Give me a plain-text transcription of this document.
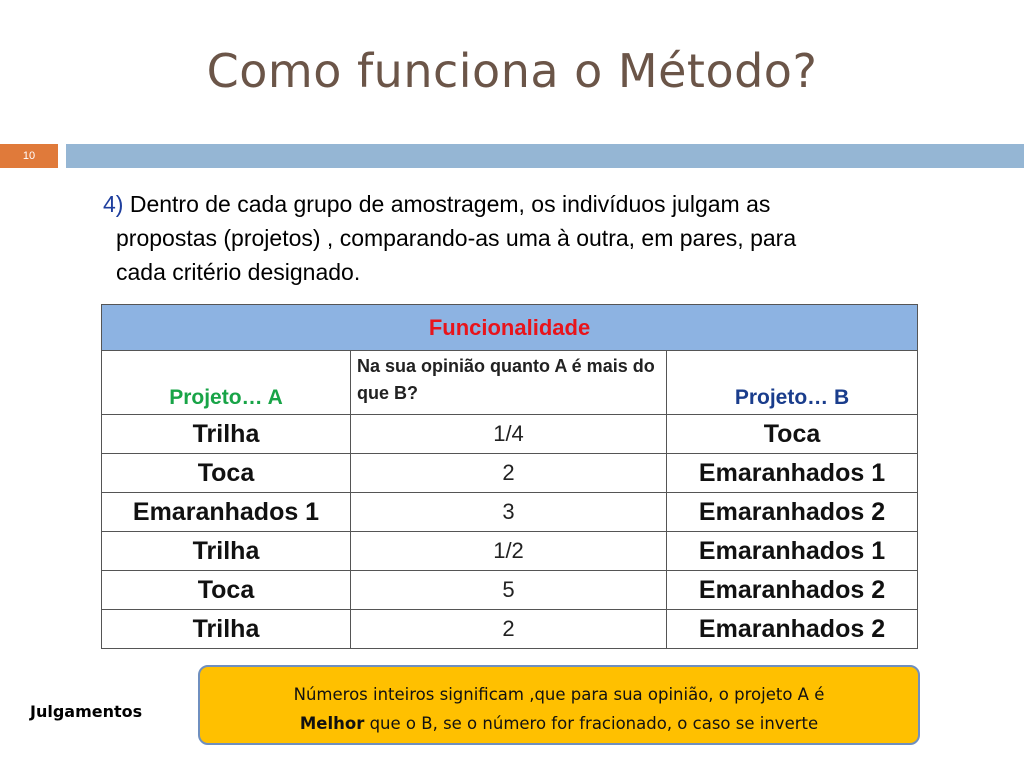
Como funciona o Método?
10
4) Dentro de cada grupo de amostragem, os indivíduos julgam as
propostas (projetos) , comparando-as uma à outra, em pares, para
cada critério designado.
Funcionalidade		
Projeto… A	Na sua opinião quanto A é mais do que B?	Projeto… B
Trilha	1/4	Toca
Toca	2	Emaranhados 1
Emaranhados 1	3	Emaranhados 2
Trilha	1/2	Emaranhados 1
Toca	5	Emaranhados 2
Trilha	2	Emaranhados 2
Julgamentos
Números inteiros significam ,que para sua opinião, o projeto A é
Melhor que o B, se o número for fracionado, o caso se inverte
